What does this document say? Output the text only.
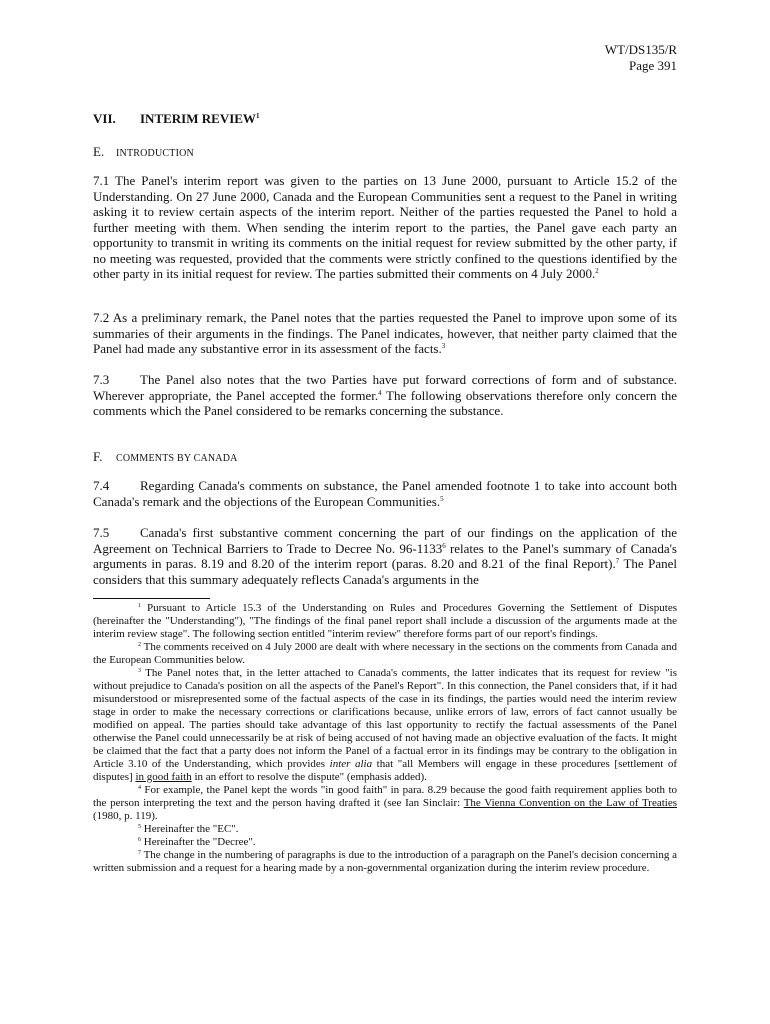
WT/DS135/R
Page 391
VII. INTERIM REVIEW$^1$
E. INTRODUCTION

7.1 The Panel's interim report was given to the parties on 13 June 2000, pursuant to Article 15.2 of the Understanding. On 27 June 2000, Canada and the European Communities sent a request to the Panel in writing asking it to review certain aspects of the interim report. Neither of the parties requested the Panel to hold a further meeting with them. When sending the interim report to the parties, the Panel gave each party an opportunity to transmit in writing its comments on the initial request for review submitted by the other party, if no meeting was requested, provided that the comments were strictly confined to the questions identified by the other party in its initial request for review. The parties submitted their comments on 4 July 2000.$^2$

7.2 As a preliminary remark, the Panel notes that the parties requested the Panel to improve upon some of its summaries of their arguments in the findings. The Panel indicates, however, that neither party claimed that the Panel had made any substantive error in its assessment of the facts.$^3$

7.3 The Panel also notes that the two Parties have put forward corrections of form and of substance. Wherever appropriate, the Panel accepted the former.$^4$ The following observations therefore only concern the comments which the Panel considered to be remarks concerning the substance.

F. COMMENTS BY CANADA

7.4 Regarding Canada's comments on substance, the Panel amended footnote 1 to take into account both Canada's remark and the objections of the European Communities.$^5$

7.5 Canada's first substantive comment concerning the part of our findings on the application of the Agreement on Technical Barriers to Trade to Decree No. 96-1133$^6$ relates to the Panel's summary of Canada's arguments in paras. 8.19 and 8.20 of the interim report (paras. 8.20 and 8.21 of the final Report).$^7$ The Panel considers that this summary adequately reflects Canada's arguments in the

$^1$ Pursuant to Article 15.3 of the Understanding on Rules and Procedures Governing the Settlement of Disputes (hereinafter the "Understanding"), "The findings of the final panel report shall include a discussion of the arguments made at the interim review stage". The following section entitled "interim review" therefore forms part of our report's findings.

$^2$ The comments received on 4 July 2000 are dealt with where necessary in the sections on the comments from Canada and the European Communities below.

$^3$ The Panel notes that, in the letter attached to Canada's comments, the latter indicates that its request for review "is without prejudice to Canada's position on all the aspects of the Panel's Report". In this connection, the Panel considers that, if it had misunderstood or misrepresented some of the factual aspects of the case in its findings, the parties would need the interim review stage in order to make the necessary corrections or clarifications because, unlike errors of law, errors of fact cannot usually be modified on appeal. The parties should take advantage of this last opportunity to rectify the factual assessments of the Panel otherwise the Panel could unnecessarily be at risk of being accused of not having made an objective evaluation of the facts. It might be claimed that the fact that a party does not inform the Panel of a factual error in its findings may be contrary to the obligation in Article 3.10 of the Understanding, which provides inter alia that "all Members will engage in these procedures [settlement of disputes] in good faith in an effort to resolve the dispute" (emphasis added).

$^4$ For example, the Panel kept the words "in good faith" in para. 8.29 because the good faith requirement applies both to the person interpreting the text and the person having drafted it (see Ian Sinclair: The Vienna Convention on the Law of Treaties (1980, p. 119).

$^5$ Hereinafter the "EC".

$^6$ Hereinafter the "Decree".

$^7$ The change in the numbering of paragraphs is due to the introduction of a paragraph on the Panel's decision concerning a written submission and a request for a hearing made by a non-governmental organization during the interim review procedure.
